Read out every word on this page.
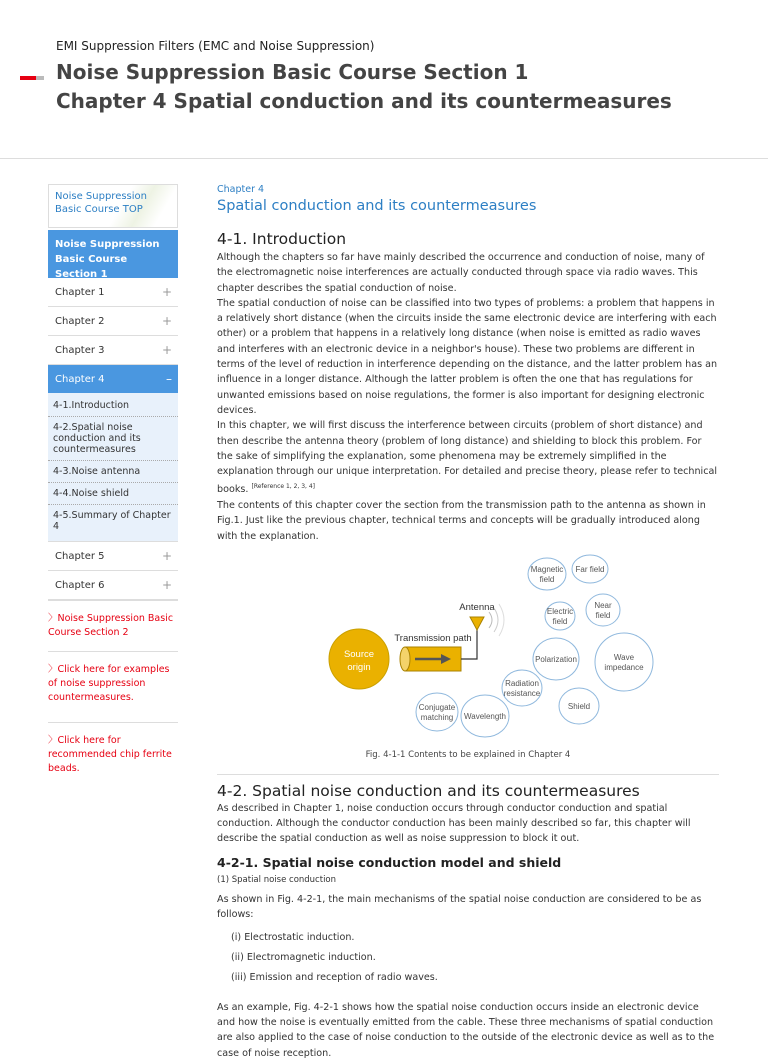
EMI Suppression Filters (EMC and Noise Suppression)
Noise Suppression Basic Course Section 1
Chapter 4 Spatial conduction and its countermeasures
Noise Suppression Basic Course TOP
Noise Suppression Basic Course Section 1
Chapter 1	+
Chapter 2	+
Chapter 3	+
Chapter 4	–
4-1.Introduction
4-2.Spatial noise conduction and its countermeasures
4-3.Noise antenna
4-4.Noise shield
4-5.Summary of Chapter 4
Chapter 5	+
Chapter 6	+
〉Noise Suppression Basic Course Section 2
〉Click here for examples of noise suppression countermeasures.
〉Click here for recommended chip ferrite beads.
Chapter 4
Spatial conduction and its countermeasures
4-1. Introduction
Although the chapters so far have mainly described the occurrence and conduction of noise, many of the electromagnetic noise interferences are actually conducted through space via radio waves. This chapter describes the spatial conduction of noise.
The spatial conduction of noise can be classified into two types of problems: a problem that happens in a relatively short distance (when the circuits inside the same electronic device are interfering with each other) or a problem that happens in a relatively long distance (when noise is emitted as radio waves and interferes with an electronic device in a neighbor's house). These two problems are different in terms of the level of reduction in interference depending on the distance, and the latter problem has an influence in a longer distance. Although the latter problem is often the one that has regulations for unwanted emissions based on noise regulations, the former is also important for designing electronic devices.
In this chapter, we will first discuss the interference between circuits (problem of short distance) and then describe the antenna theory (problem of long distance) and shielding to block this problem. For the sake of simplifying the explanation, some phenomena may be extremely simplified in the explanation through our unique interpretation. For detailed and precise theory, please refer to technical books. [Reference 1, 2, 3, 4]
The contents of this chapter cover the section from the transmission path to the antenna as shown in Fig.1. Just like the previous chapter, technical terms and concepts will be gradually introduced along with the explanation.
Source
origin
Transmission path
Antenna
Magnetic
field
Far field
Electric
field
Near
field
Polarization	Wave
impedance
Radiation
resistance
Shield
Conjugate
matching Wavelength
Fig. 4-1-1 Contents to be explained in Chapter 4
4-2. Spatial noise conduction and its countermeasures
As described in Chapter 1, noise conduction occurs through conductor conduction and spatial conduction. Although the conductor conduction has been mainly described so far, this chapter will describe the spatial conduction as well as noise suppression to block it out.
4-2-1. Spatial noise conduction model and shield
(1) Spatial noise conduction
As shown in Fig. 4-2-1, the main mechanisms of the spatial noise conduction are considered to be as follows:
(i) Electrostatic induction.
(ii) Electromagnetic induction.
(iii) Emission and reception of radio waves.
As an example, Fig. 4-2-1 shows how the spatial noise conduction occurs inside an electronic device and how the noise is eventually emitted from the cable. These three mechanisms of spatial conduction are also applied to the case of noise conduction to the outside of the electronic device as well as to the case of noise reception.
